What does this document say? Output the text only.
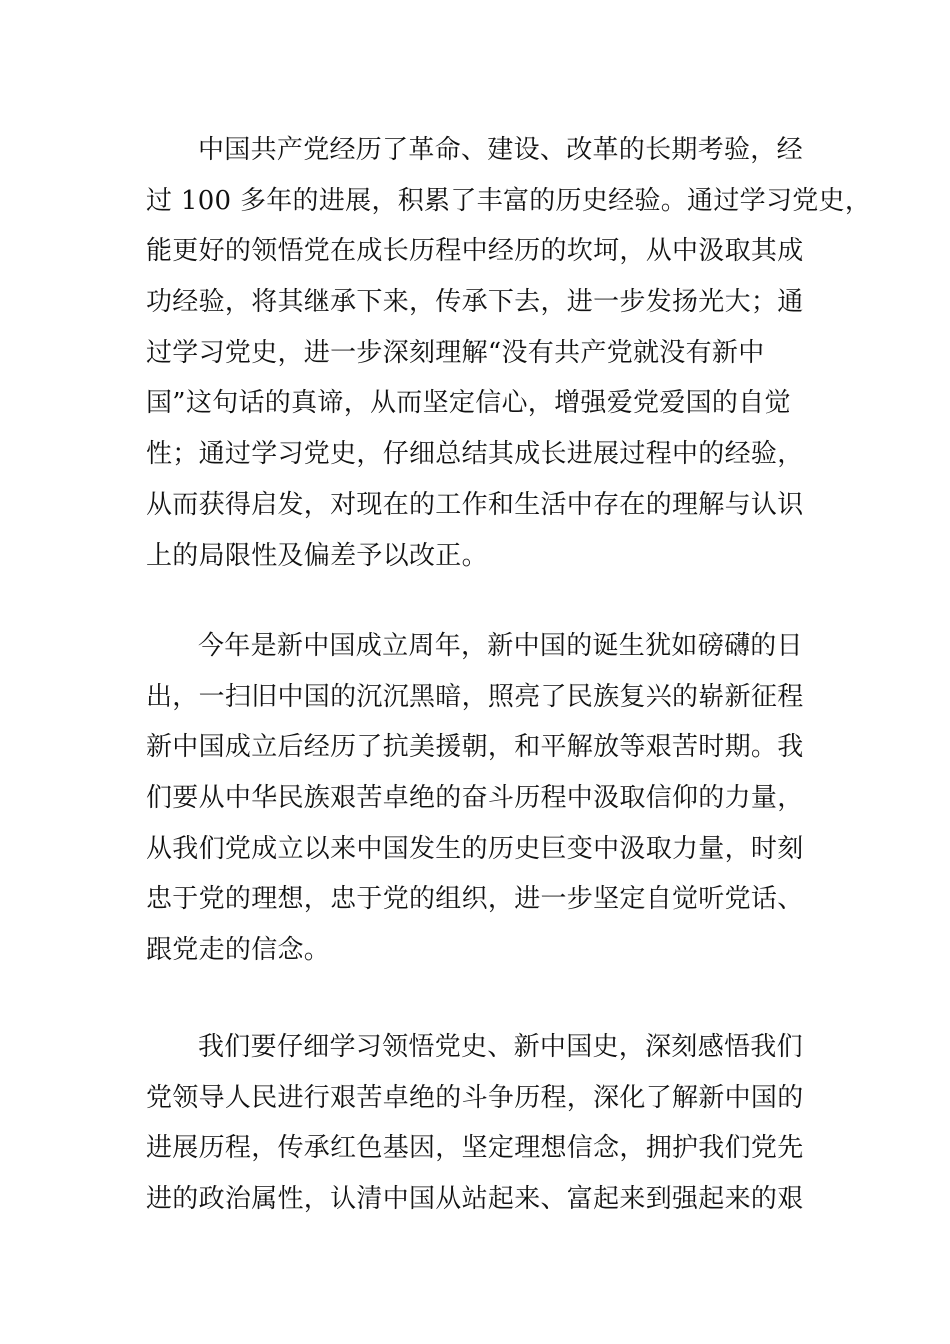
中国共产党经历了革命、建设、改革的长期考验，经
过 100 多年的进展，积累了丰富的历史经验。通过学习党史，
能更好的领悟党在成长历程中经历的坎坷，从中汲取其成
功经验，将其继承下来，传承下去，进一步发扬光大；通
过学习党史，进一步深刻理解“没有共产党就没有新中
国”这句话的真谛，从而坚定信心，增强爱党爱国的自觉
性；通过学习党史，仔细总结其成长进展过程中的经验，
从而获得启发，对现在的工作和生活中存在的理解与认识
上的局限性及偏差予以改正。
今年是新中国成立周年，新中国的诞生犹如磅礴的日
出，一扫旧中国的沉沉黑暗，照亮了民族复兴的崭新征程
新中国成立后经历了抗美援朝，和平解放等艰苦时期。我
们要从中华民族艰苦卓绝的奋斗历程中汲取信仰的力量，
从我们党成立以来中国发生的历史巨变中汲取力量，时刻
忠于党的理想，忠于党的组织，进一步坚定自觉听党话、
跟党走的信念。
我们要仔细学习领悟党史、新中国史，深刻感悟我们
党领导人民进行艰苦卓绝的斗争历程，深化了解新中国的
进展历程，传承红色基因，坚定理想信念，拥护我们党先
进的政治属性，认清中国从站起来、富起来到强起来的艰
